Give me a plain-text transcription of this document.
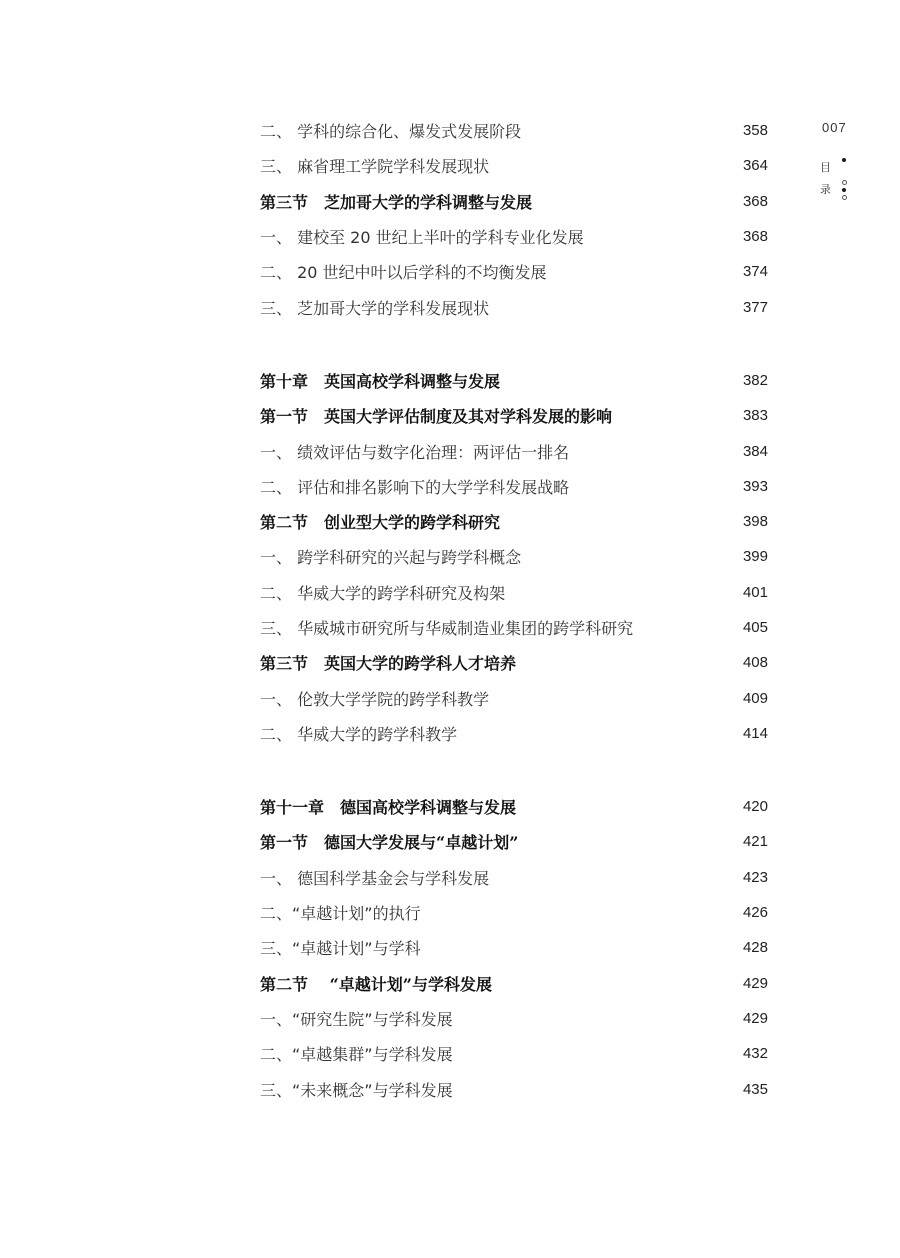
007
目
录
二、 学科的综合化、爆发式发展阶段	358
三、 麻省理工学院学科发展现状	364
第三节　芝加哥大学的学科调整与发展	368
一、 建校至 20 世纪上半叶的学科专业化发展	368
二、 20 世纪中叶以后学科的不均衡发展	374
三、 芝加哥大学的学科发展现状	377
第十章　英国高校学科调整与发展	382
第一节　英国大学评估制度及其对学科发展的影响	383
一、 绩效评估与数字化治理：两评估一排名	384
二、 评估和排名影响下的大学学科发展战略	393
第二节　创业型大学的跨学科研究	398
一、 跨学科研究的兴起与跨学科概念	399
二、 华威大学的跨学科研究及构架	401
三、 华威城市研究所与华威制造业集团的跨学科研究	405
第三节　英国大学的跨学科人才培养	408
一、 伦敦大学学院的跨学科教学	409
二、 华威大学的跨学科教学	414
第十一章　德国高校学科调整与发展	420
第一节　德国大学发展与“卓越计划”	421
一、 德国科学基金会与学科发展	423
二、“卓越计划”的执行	426
三、“卓越计划”与学科	428
第二节　 “卓越计划”与学科发展	429
一、“研究生院”与学科发展	429
二、“卓越集群”与学科发展	432
三、“未来概念”与学科发展	435
